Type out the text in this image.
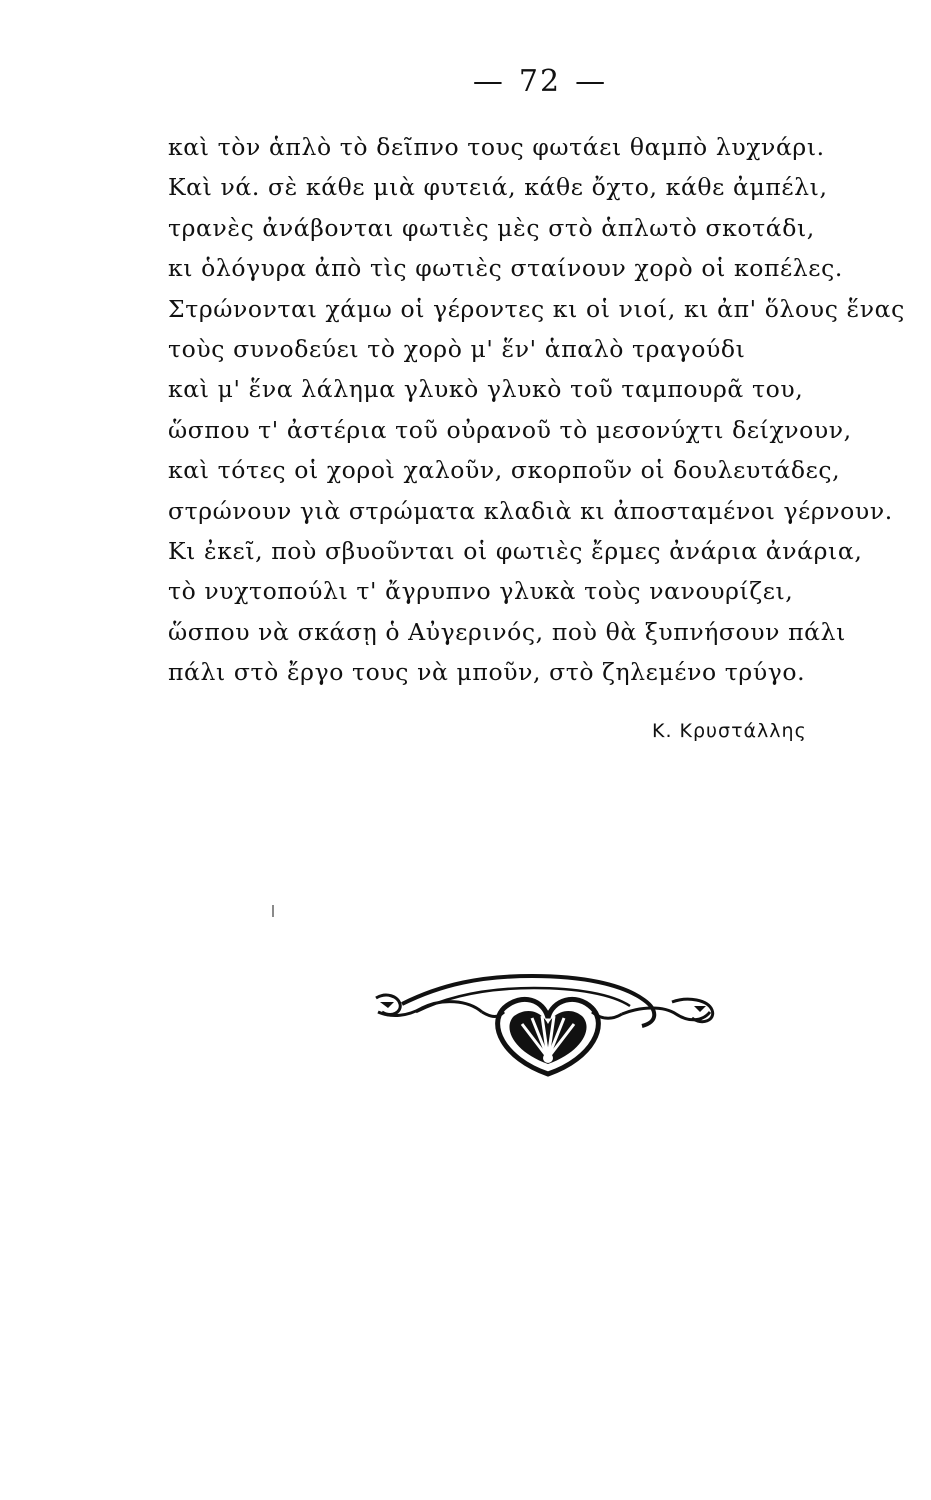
— 72 —
καὶ τὸν ἁπλὸ τὸ δεῖπνο τους φωτάει θαμπὸ λυχνάρι.
Καὶ νά. σὲ κάθε μιὰ φυτειά, κάθε ὄχτο, κάθε ἀμπέλι,
τρανὲς ἀνάβονται φωτιὲς μὲς στὸ ἁπλωτὸ σκοτάδι,
κι ὁλόγυρα ἀπὸ τὶς φωτιὲς σταίνουν χορὸ οἱ κοπέλες.
Στρώνονται χάμω οἱ γέροντες κι οἱ νιοί, κι ἀπ' ὅλους ἕνας
τοὺς συνοδεύει τὸ χορὸ μ' ἕν' ἁπαλὸ τραγούδι
καὶ μ' ἕνα λάλημα γλυκὸ γλυκὸ τοῦ ταμπουρᾶ του,
ὥσπου τ' ἀστέρια τοῦ οὐρανοῦ τὸ μεσονύχτι δείχνουν,
καὶ τότες οἱ χοροὶ χαλοῦν, σκορποῦν οἱ δουλευτάδες,
στρώνουν γιὰ στρώματα κλαδιὰ κι ἀποσταμένοι γέρνουν.
Κι ἐκεῖ, ποὺ σβυοῦνται οἱ φωτιὲς ἔρμες ἀνάρια ἀνάρια,
τὸ νυχτοπούλι τ' ἄγρυπνο γλυκὰ τοὺς νανουρίζει,
ὥσπου νὰ σκάσῃ ὁ Αὐγερινός, ποὺ θὰ ξυπνήσουν πάλι
πάλι στὸ ἔργο τους νὰ μποῦν, στὸ ζηλεμένο τρύγο.
Κ. Κρυστάλλης
